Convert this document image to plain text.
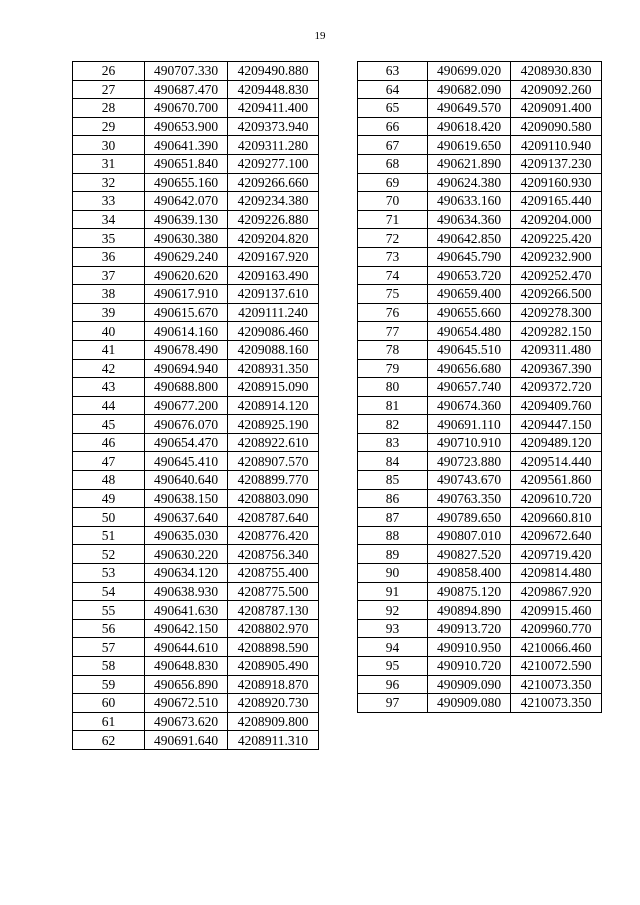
19
26	490707.330	4209490.880
27	490687.470	4209448.830
28	490670.700	4209411.400
29	490653.900	4209373.940
30	490641.390	4209311.280
31	490651.840	4209277.100
32	490655.160	4209266.660
33	490642.070	4209234.380
34	490639.130	4209226.880
35	490630.380	4209204.820
36	490629.240	4209167.920
37	490620.620	4209163.490
38	490617.910	4209137.610
39	490615.670	4209111.240
40	490614.160	4209086.460
41	490678.490	4209088.160
42	490694.940	4208931.350
43	490688.800	4208915.090
44	490677.200	4208914.120
45	490676.070	4208925.190
46	490654.470	4208922.610
47	490645.410	4208907.570
48	490640.640	4208899.770
49	490638.150	4208803.090
50	490637.640	4208787.640
51	490635.030	4208776.420
52	490630.220	4208756.340
53	490634.120	4208755.400
54	490638.930	4208775.500
55	490641.630	4208787.130
56	490642.150	4208802.970
57	490644.610	4208898.590
58	490648.830	4208905.490
59	490656.890	4208918.870
60	490672.510	4208920.730
61	490673.620	4208909.800
62	490691.640	4208911.310
63	490699.020	4208930.830
64	490682.090	4209092.260
65	490649.570	4209091.400
66	490618.420	4209090.580
67	490619.650	4209110.940
68	490621.890	4209137.230
69	490624.380	4209160.930
70	490633.160	4209165.440
71	490634.360	4209204.000
72	490642.850	4209225.420
73	490645.790	4209232.900
74	490653.720	4209252.470
75	490659.400	4209266.500
76	490655.660	4209278.300
77	490654.480	4209282.150
78	490645.510	4209311.480
79	490656.680	4209367.390
80	490657.740	4209372.720
81	490674.360	4209409.760
82	490691.110	4209447.150
83	490710.910	4209489.120
84	490723.880	4209514.440
85	490743.670	4209561.860
86	490763.350	4209610.720
87	490789.650	4209660.810
88	490807.010	4209672.640
89	490827.520	4209719.420
90	490858.400	4209814.480
91	490875.120	4209867.920
92	490894.890	4209915.460
93	490913.720	4209960.770
94	490910.950	4210066.460
95	490910.720	4210072.590
96	490909.090	4210073.350
97	490909.080	4210073.350
